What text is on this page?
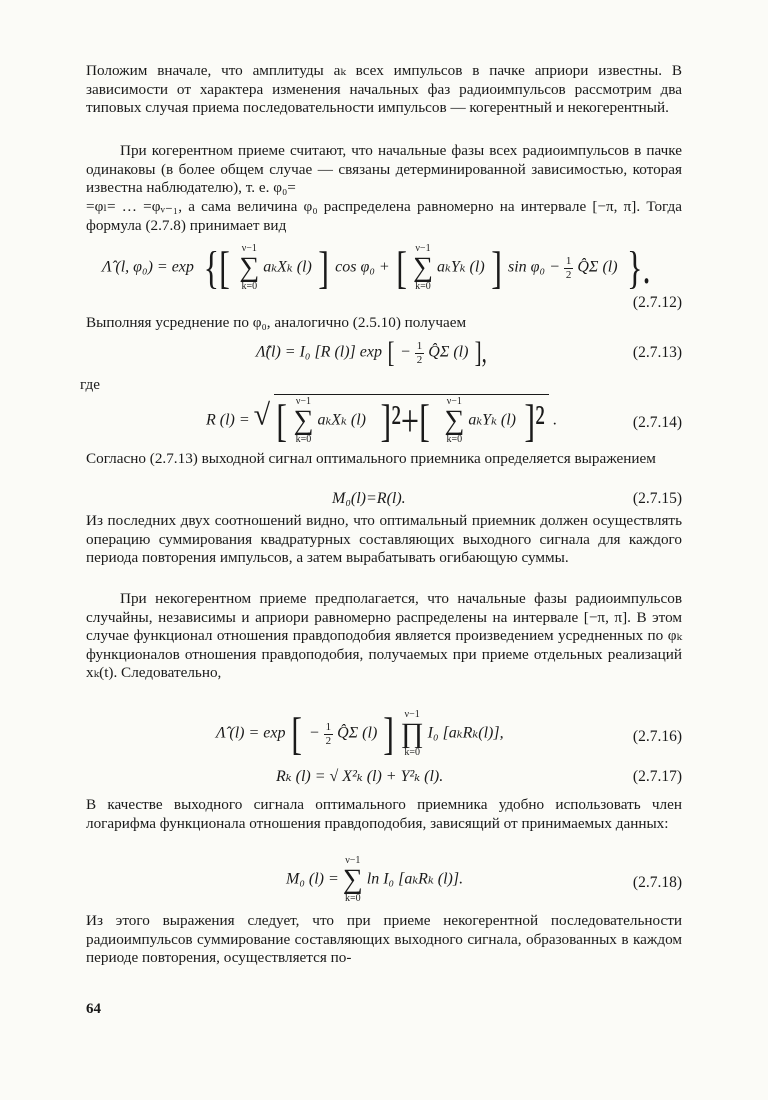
Положим вначале, что амплитуды aₖ всех импульсов в пачке априори известны. В зависимости от характера изменения начальных фаз радиоимпульсов рассмотрим два типовых случая приема последовательности импульсов — когерентный и некогерентный.

При когерентном приеме считают, что начальные фазы всех радиоимпульсов в пачке одинаковы (в более общем случае — связаны детерминированной зависимостью, которая известна наблюдателю), т. е. φ₀=

=φₗ= … =φᵥ₋₁, а сама величина φ₀ распределена равномерно на интервале [−π, π]. Тогда формула (2.7.8) принимает вид

Λ̂ (l, φ₀) = exp {[ ν−1
∑
k=0
aₖXₖ (l) ] cos φ₀ + [ ν−1
∑
k=0
aₖYₖ (l) ] $\sin \varphi_0 - \frac{1}{2}$ Q̂Σ (l) }.
(2.7.12)

Выполняя усреднение по φ₀, аналогично (2.5.10) получаем

Λ̂(l) = I₀ [R (l)] exp [ − $\frac{1}{2}$ Q̂Σ (l) ],	(2.7.13)

где

R (l) = √ [ ν−1
∑
k=0
aₖXₖ (l) ]²+[ ν−1
∑
k=0
aₖYₖ (l) ]² .	(2.7.14)

Согласно (2.7.13) выходной сигнал оптимального приемника определяется выражением

M₀(l)=R(l).	(2.7.15)

Из последних двух соотношений видно, что оптимальный приемник должен осуществлять операцию суммирования квадратурных составляющих выходного сигнала для каждого периода повторения импульсов, а затем вырабатывать огибающую суммы.

При некогерентном приеме предполагается, что начальные фазы радиоимпульсов случайны, независимы и априори равномерно распределены на интервале [−π, π]. В этом случае функционал отношения правдоподобия является произведением усредненных по φₖ функционалов отношения правдоподобия, получаемых при приеме отдельных реализаций xₖ(t). Следовательно,

Λ̂ (l) = exp [ − $\frac{1}{2}$ Q̂Σ (l) ] ν−1
∏
k=0
I₀ [aₖRₖ(l)],	(2.7.16)
Rₖ (l) = √ X²ₖ (l) + Y²ₖ (l).	(2.7.17)

В качестве выходного сигнала оптимального приемника удобно использовать член логарифма функционала отношения правдоподобия, зависящий от принимаемых данных:

M₀ (l) =
ν−1
∑
k=0
ln I₀ [aₖRₖ (l)].	(2.7.18)

Из этого выражения следует, что при приеме некогерентной последовательности радиоимпульсов суммирование составляющих выходного сигнала, образованных в каждом периоде повторения, осуществляется по-

64
